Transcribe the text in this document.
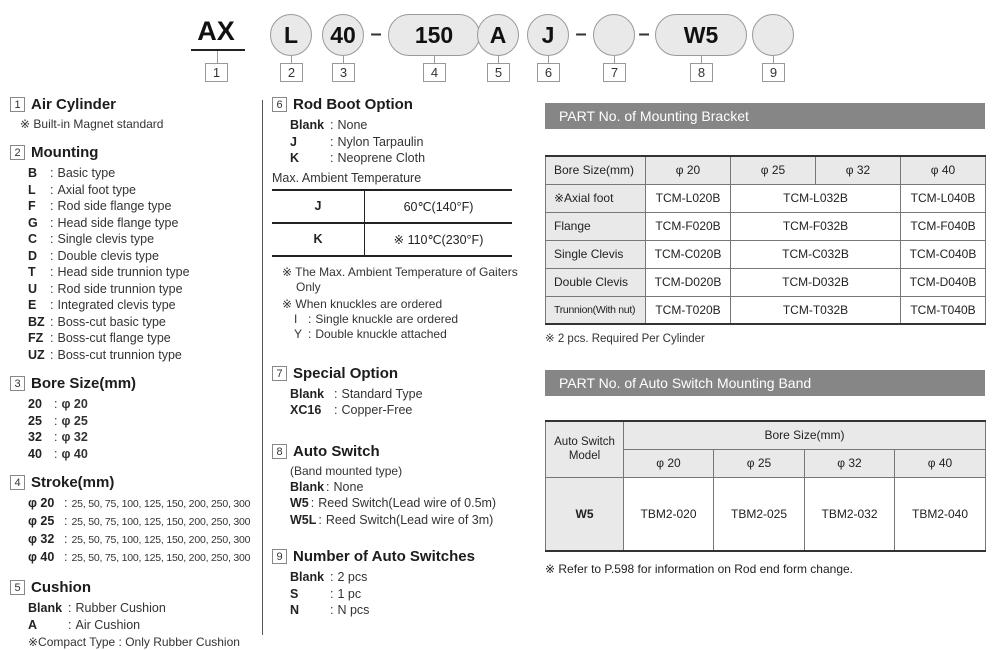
AX	L	40 –	150	A	J	–	–	W5
1	2	3	4	5	6	7	8	9
1 Air Cylinder
※ Built-in Magnet standard
2 Mounting
B	: Basic type
L	: Axial foot type
F	: Rod side flange type
G : Head side flange type
C	: Single clevis type
D	: Double clevis type
T	: Head side trunnion type
U	: Rod side trunnion type
E	: Integrated clevis type
BZ : Boss-cut basic type
FZ : Boss-cut flange type
UZ : Boss-cut trunnion type
3 Bore Size(mm)
20 : φ 20
25 : φ 25
32 : φ 32
40 : φ 40
4 Stroke(mm)
φ 20 : 25, 50, 75, 100, 125, 150, 200, 250, 300
φ 25 : 25, 50, 75, 100, 125, 150, 200, 250, 300
φ 32 : 25, 50, 75, 100, 125, 150, 200, 250, 300
φ 40 : 25, 50, 75, 100, 125, 150, 200, 250, 300
5 Cushion
Blank : Rubber Cushion
A	: Air Cushion
※Compact Type : Only Rubber Cushion
6 Rod Boot Option
Blank : None
J	: Nylon Tarpaulin
K	: Neoprene Cloth
Max. Ambient Temperature
J	60℃(140°F)
K	※ 110℃(230°F)
※ The Max. Ambient Temperature of Gaiters Only
※ When knuckles are ordered
I : Single knuckle are ordered
Y : Double knuckle attached
7 Special Option
Blank : Standard Type
XC16	: Copper-Free
8 Auto Switch
(Band mounted type)
Blank : None
W5 : Reed Switch(Lead wire of 0.5m)
W5L : Reed Switch(Lead wire of 3m)
9 Number of Auto Switches
Blank : 2 pcs
S	: 1 pc
N	: N pcs
PART No. of Mounting Bracket
Bore Size(mm)	φ 20	φ 25	φ 32	φ 40
※Axial foot	TCM-L020B	TCM-L032B		TCM-L040B
Flange	TCM-F020B	TCM-F032B		TCM-F040B
Single Clevis	TCM-C020B	TCM-C032B		TCM-C040B
Double Clevis	TCM-D020B	TCM-D032B		TCM-D040B
Trunnion(With nut)	TCM-T020B	TCM-T032B		TCM-T040B
※ 2 pcs. Required Per Cylinder
PART No. of Auto Switch Mounting Band
Auto Switch Model	Bore Size(mm)			
	φ 20	φ 25	φ 32	φ 40
W5	TBM2-020	TBM2-025	TBM2-032	TBM2-040
※ Refer to P.598 for information on Rod end form change.
